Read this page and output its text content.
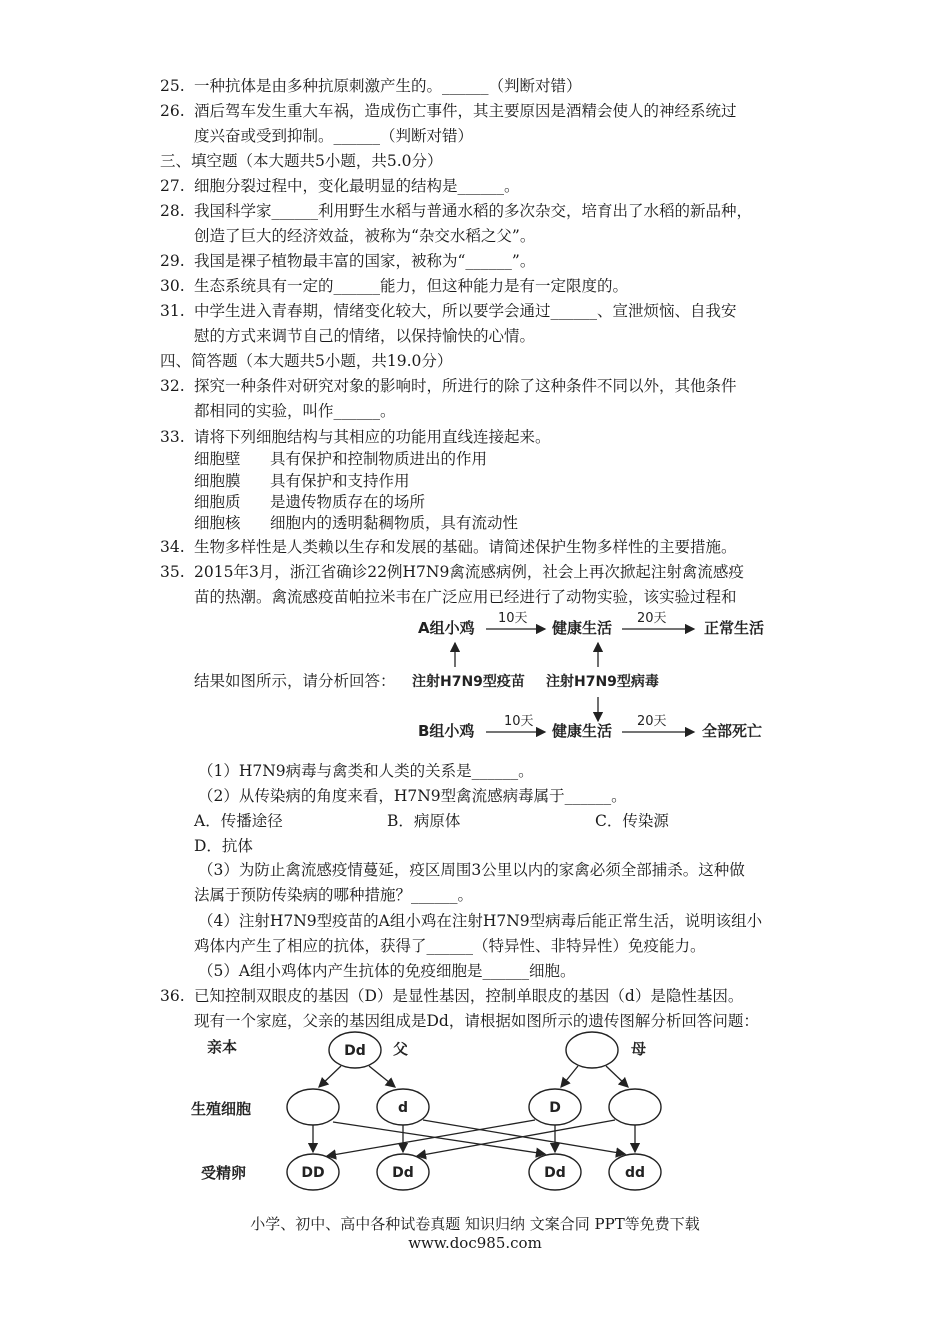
25. 一种抗体是由多种抗原刺激产生的。______（判断对错）
26. 酒后驾车发生重大车祸，造成伤亡事件，其主要原因是酒精会使人的神经系统过
度兴奋或受到抑制。______（判断对错）
三、填空题（本大题共5小题，共5.0分）
27. 细胞分裂过程中，变化最明显的结构是______。
28. 我国科学家______利用野生水稻与普通水稻的多次杂交，培育出了水稻的新品种，
创造了巨大的经济效益，被称为“杂交水稻之父”。
29. 我国是裸子植物最丰富的国家，被称为“______”。
30. 生态系统具有一定的______能力，但这种能力是有一定限度的。
31. 中学生进入青春期，情绪变化较大，所以要学会通过______、宣泄烦恼、自我安
慰的方式来调节自己的情绪，以保持愉快的心情。
四、简答题（本大题共5小题，共19.0分）
32. 探究一种条件对研究对象的影响时，所进行的除了这种条件不同以外，其他条件
都相同的实验，叫作______。
33. 请将下列细胞结构与其相应的功能用直线连接起来。
细胞壁 具有保护和控制物质进出的作用
细胞膜 具有保护和支持作用
细胞质 是遗传物质存在的场所
细胞核 细胞内的透明黏稠物质，具有流动性
34. 生物多样性是人类赖以生存和发展的基础。请简述保护生物多样性的主要措施。
35. 2015年3月，浙江省确诊22例H7N9禽流感病例，社会上再次掀起注射禽流感疫
苗的热潮。禽流感疫苗帕拉米韦在广泛应用已经进行了动物实验，该实验过程和
结果如图所示，请分析回答：
A组小鸡
10天
健康生活
20天
正常生活
注射H7N9型疫苗 注射H7N9型病毒
B组小鸡
10天
健康生活
20天
全部死亡
（1）H7N9病毒与禽类和人类的关系是______。
（2）从传染病的角度来看，H7N9型禽流感病毒属于______。
A．传播途径	B．病原体	C．传染源
D．抗体
（3）为防止禽流感疫情蔓延，疫区周围3公里以内的家禽必须全部捕杀。这种做
法属于预防传染病的哪种措施？______。
（4）注射H7N9型疫苗的A组小鸡在注射H7N9型病毒后能正常生活，说明该组小
鸡体内产生了相应的抗体，获得了______（特异性、非特异性）免疫能力。
（5）A组小鸡体内产生抗体的免疫细胞是______细胞。
36. 已知控制双眼皮的基因（D）是显性基因，控制单眼皮的基因（d）是隐性基因。
现有一个家庭，父亲的基因组成是Dd，请根据如图所示的遗传图解分析回答问题：
亲本
生殖细胞
受精卵
Dd 父	母
d	D
DD	Dd	Dd	dd
小学、初中、高中各种试卷真题 知识归纳 文案合同 PPT等免费下载
www.doc985.com
